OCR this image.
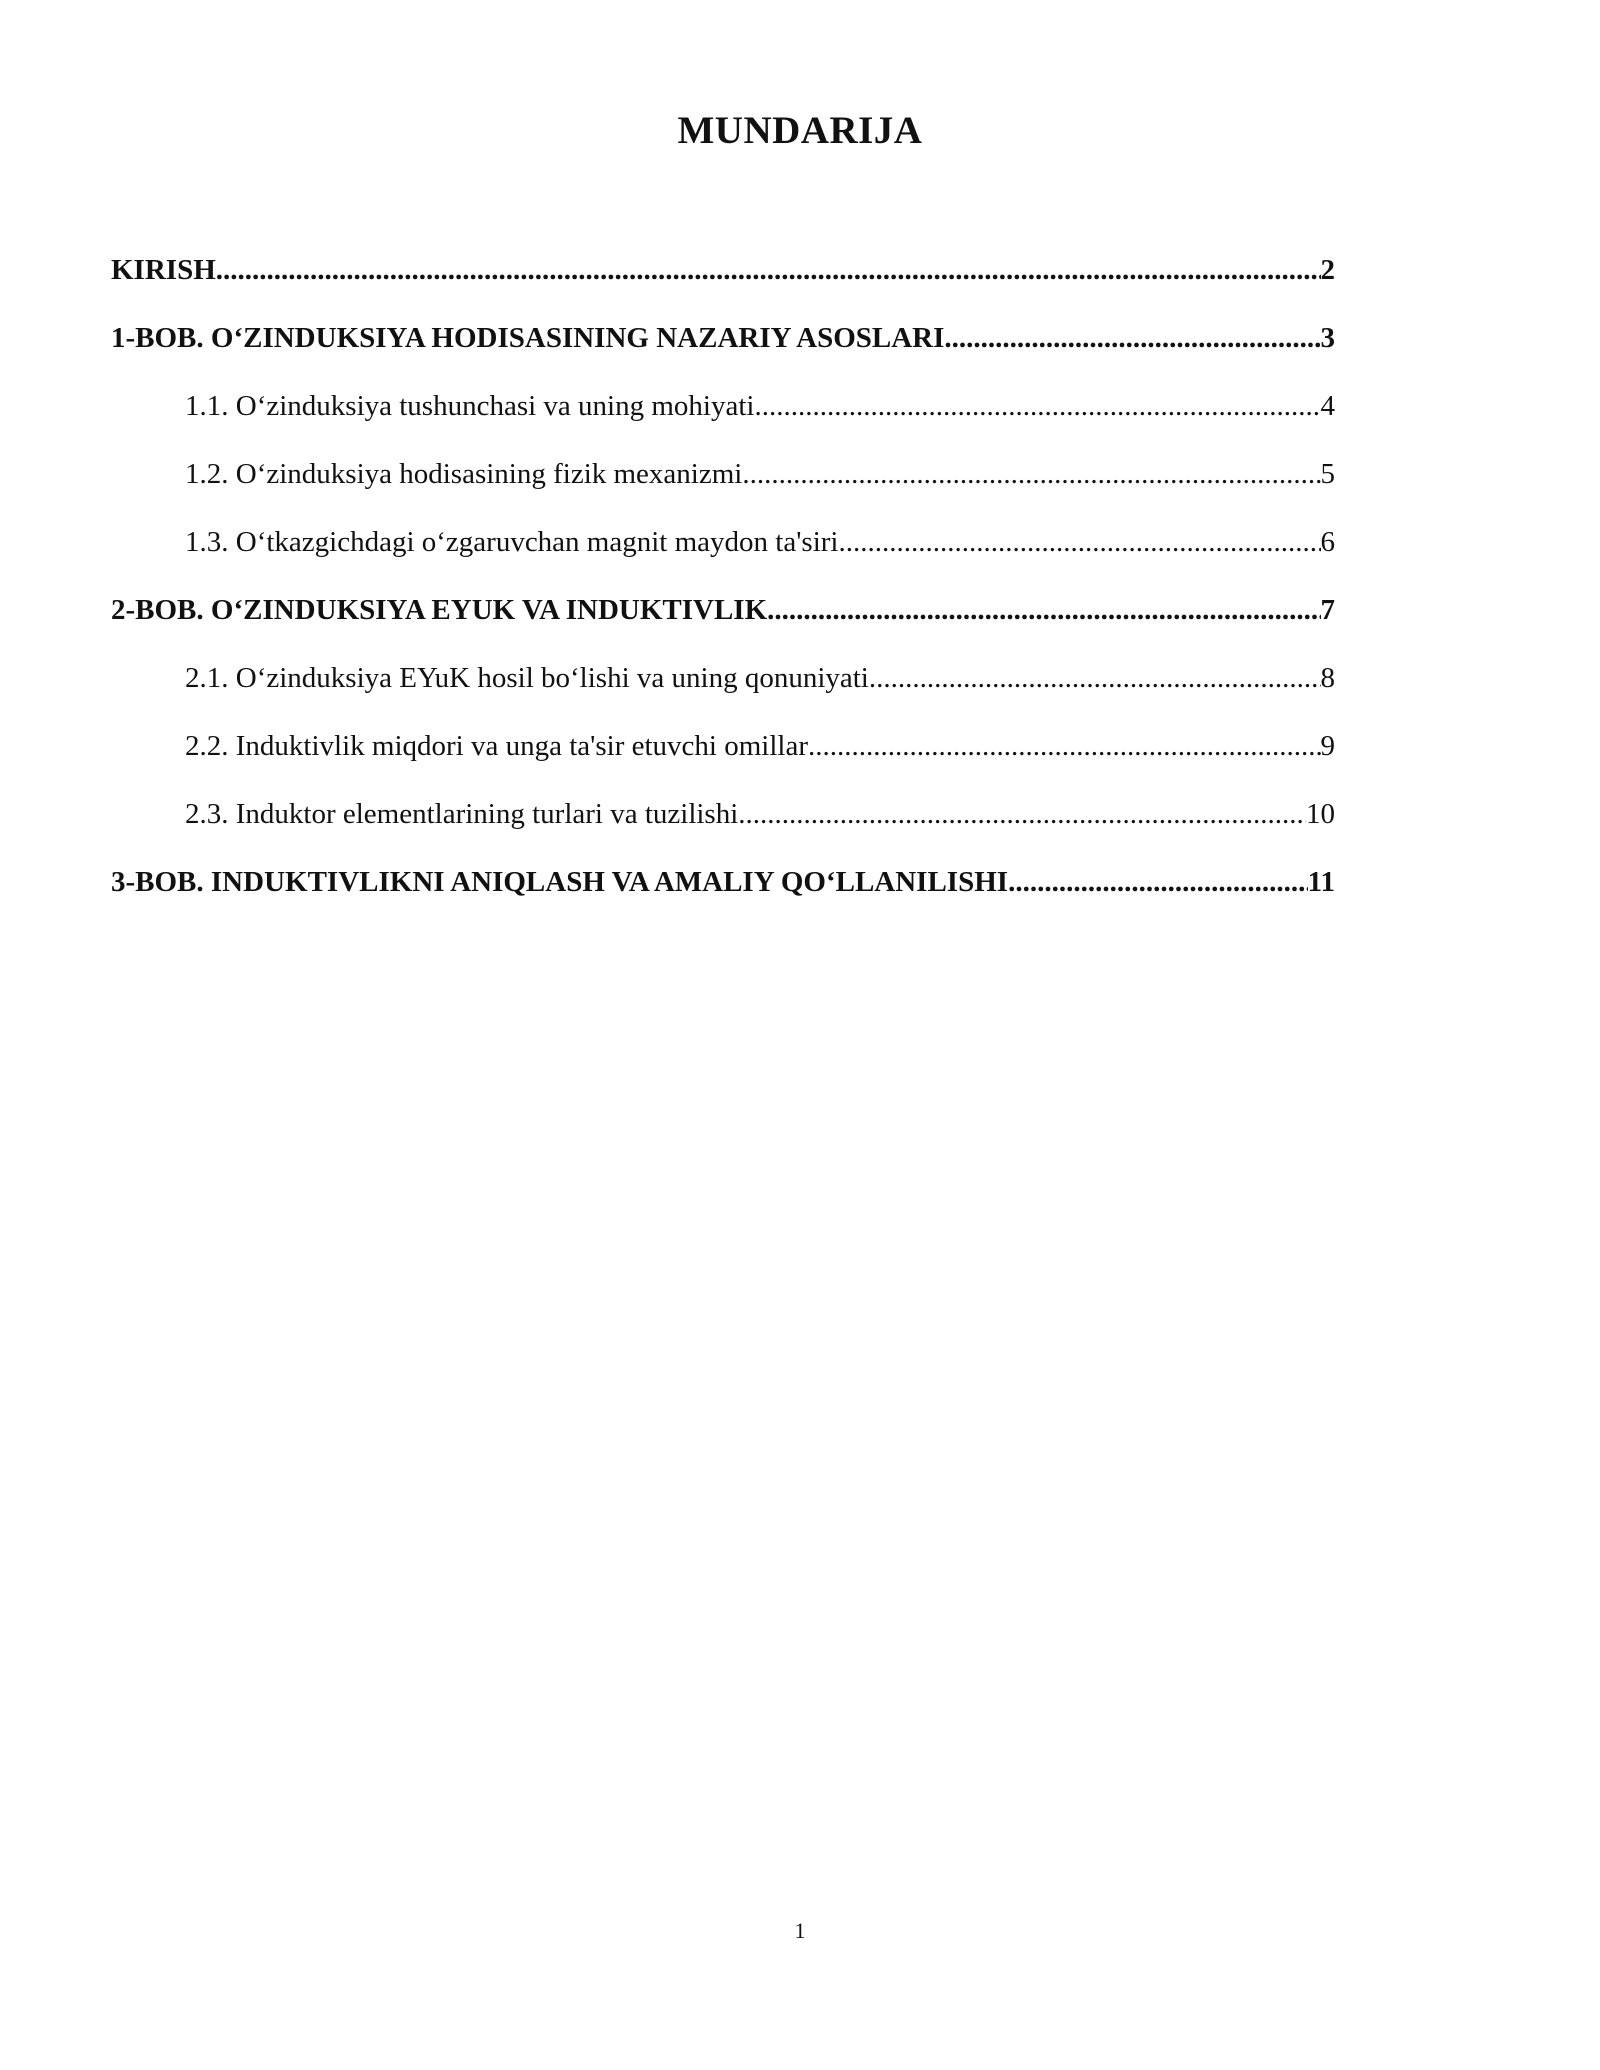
MUNDARIJA
KIRISH .....	2
1-BOB. O‘ZINDUKSIYA HODISASINING NAZARIY ASOSLARI .....	3
1.1. O‘zinduksiya tushunchasi va uning mohiyati .....	4
1.2. O‘zinduksiya hodisasining fizik mexanizmi .....	5
1.3. O‘tkazgichdagi o‘zgaruvchan magnit maydon ta'siri .....	6
2-BOB. O‘ZINDUKSIYA EYUK VA INDUKTIVLIK .....	7
2.1. O‘zinduksiya EYuK hosil bo‘lishi va uning qonuniyati .....	8
2.2. Induktivlik miqdori va unga ta'sir etuvchi omillar .....	9
2.3. Induktor elementlarining turlari va tuzilishi .....	10
3-BOB. INDUKTIVLIKNI ANIQLASH VA AMALIY QO‘LLANILISHI .....	11
1
